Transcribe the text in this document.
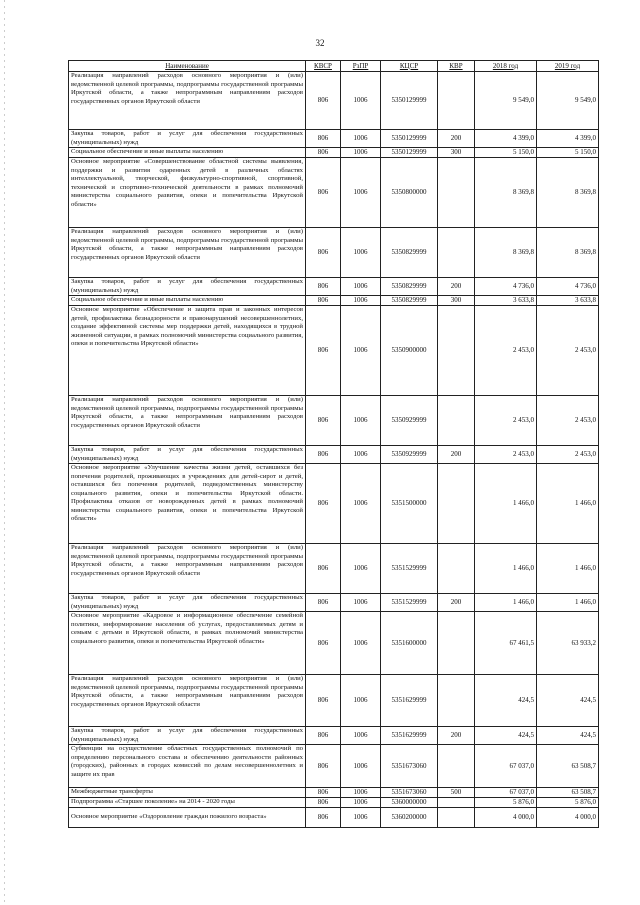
32
Наименование	КВСР	РзПР	КЦСР	КВР	2018 год	2019 год
Реализация направлений расходов основного мероприятия и (или) ведомственной целевой программы, подпрограммы государственной программы Иркутской области, а также непрограммным направлениям расходов государственных органов Иркутской области	806	1006	5350129999		9 549,0	9 549,0
Закупка товаров, работ и услуг для обеспечения государственных (муниципальных) нужд	806	1006	5350129999	200	4 399,0	4 399,0
Социальное обеспечение и иные выплаты населению	806	1006	5350129999	300	5 150,0	5 150,0
Основное мероприятие «Совершенствование областной системы выявления, поддержки и развития одаренных детей в различных областях интеллектуальной, творческой, физкультурно-спортивной, спортивной, технической и спортивно-технической деятельности в рамках полномочий министерства социального развития, опеки и попечительства Иркутской области»	806	1006	5350800000		8 369,8	8 369,8
Реализация направлений расходов основного мероприятия и (или) ведомственной целевой программы, подпрограммы государственной программы Иркутской области, а также непрограммным направлениям расходов государственных органов Иркутской области	806	1006	5350829999		8 369,8	8 369,8
Закупка товаров, работ и услуг для обеспечения государственных (муниципальных) нужд	806	1006	5350829999	200	4 736,0	4 736,0
Социальное обеспечение и иные выплаты населению	806	1006	5350829999	300	3 633,8	3 633,8
Основное мероприятие «Обеспечение и защита прав и законных интересов детей, профилактика безнадзорности и правонарушений несовершеннолетних, создание эффективной системы мер поддержки детей, находящихся в трудной жизненной ситуации, в рамках полномочий министерства социального развития, опеки и попечительства Иркутской области»	806	1006	5350900000		2 453,0	2 453,0
Реализация направлений расходов основного мероприятия и (или) ведомственной целевой программы, подпрограммы государственной программы Иркутской области, а также непрограммным направлениям расходов государственных органов Иркутской области	806	1006	5350929999		2 453,0	2 453,0
Закупка товаров, работ и услуг для обеспечения государственных (муниципальных) нужд	806	1006	5350929999	200	2 453,0	2 453,0
Основное мероприятие «Улучшение качества жизни детей, оставшихся без попечения родителей, проживающих в учреждениях для детей-сирот и детей, оставшихся без попечения родителей, подведомственных министерству социального развития, опеки и попечительства Иркутской области. Профилактика отказов от новорожденных детей в рамках полномочий министерства социального развития, опеки и попечительства Иркутской области»	806	1006	5351500000		1 466,0	1 466,0
Реализация направлений расходов основного мероприятия и (или) ведомственной целевой программы, подпрограммы государственной программы Иркутской области, а также непрограммным направлениям расходов государственных органов Иркутской области	806	1006	5351529999		1 466,0	1 466,0
Закупка товаров, работ и услуг для обеспечения государственных (муниципальных) нужд	806	1006	5351529999	200	1 466,0	1 466,0
Основное мероприятие «Кадровое и информационное обеспечение семейной политики, информирование населения об услугах, предоставляемых детям и семьям с детьми в Иркутской области, в рамках полномочий министерства социального развития, опеки и попечительства Иркутской области»	806	1006	5351600000		67 461,5	63 933,2
Реализация направлений расходов основного мероприятия и (или) ведомственной целевой программы, подпрограммы государственной программы Иркутской области, а также непрограммным направлениям расходов государственных органов Иркутской области	806	1006	5351629999		424,5	424,5
Закупка товаров, работ и услуг для обеспечения государственных (муниципальных) нужд	806	1006	5351629999	200	424,5	424,5
Субвенции на осуществление областных государственных полномочий по определению персонального состава и обеспечению деятельности районных (городских), районных в городах комиссий по делам несовершеннолетних и защите их прав	806	1006	5351673060		67 037,0	63 508,7
Межбюджетные трансферты	806	1006	5351673060	500	67 037,0	63 508,7
Подпрограмма «Старшее поколение» на 2014 - 2020 годы	806	1006	5360000000		5 876,0	5 876,0
Основное мероприятие «Оздоровление граждан пожилого возраста»	806	1006	5360200000		4 000,0	4 000,0
